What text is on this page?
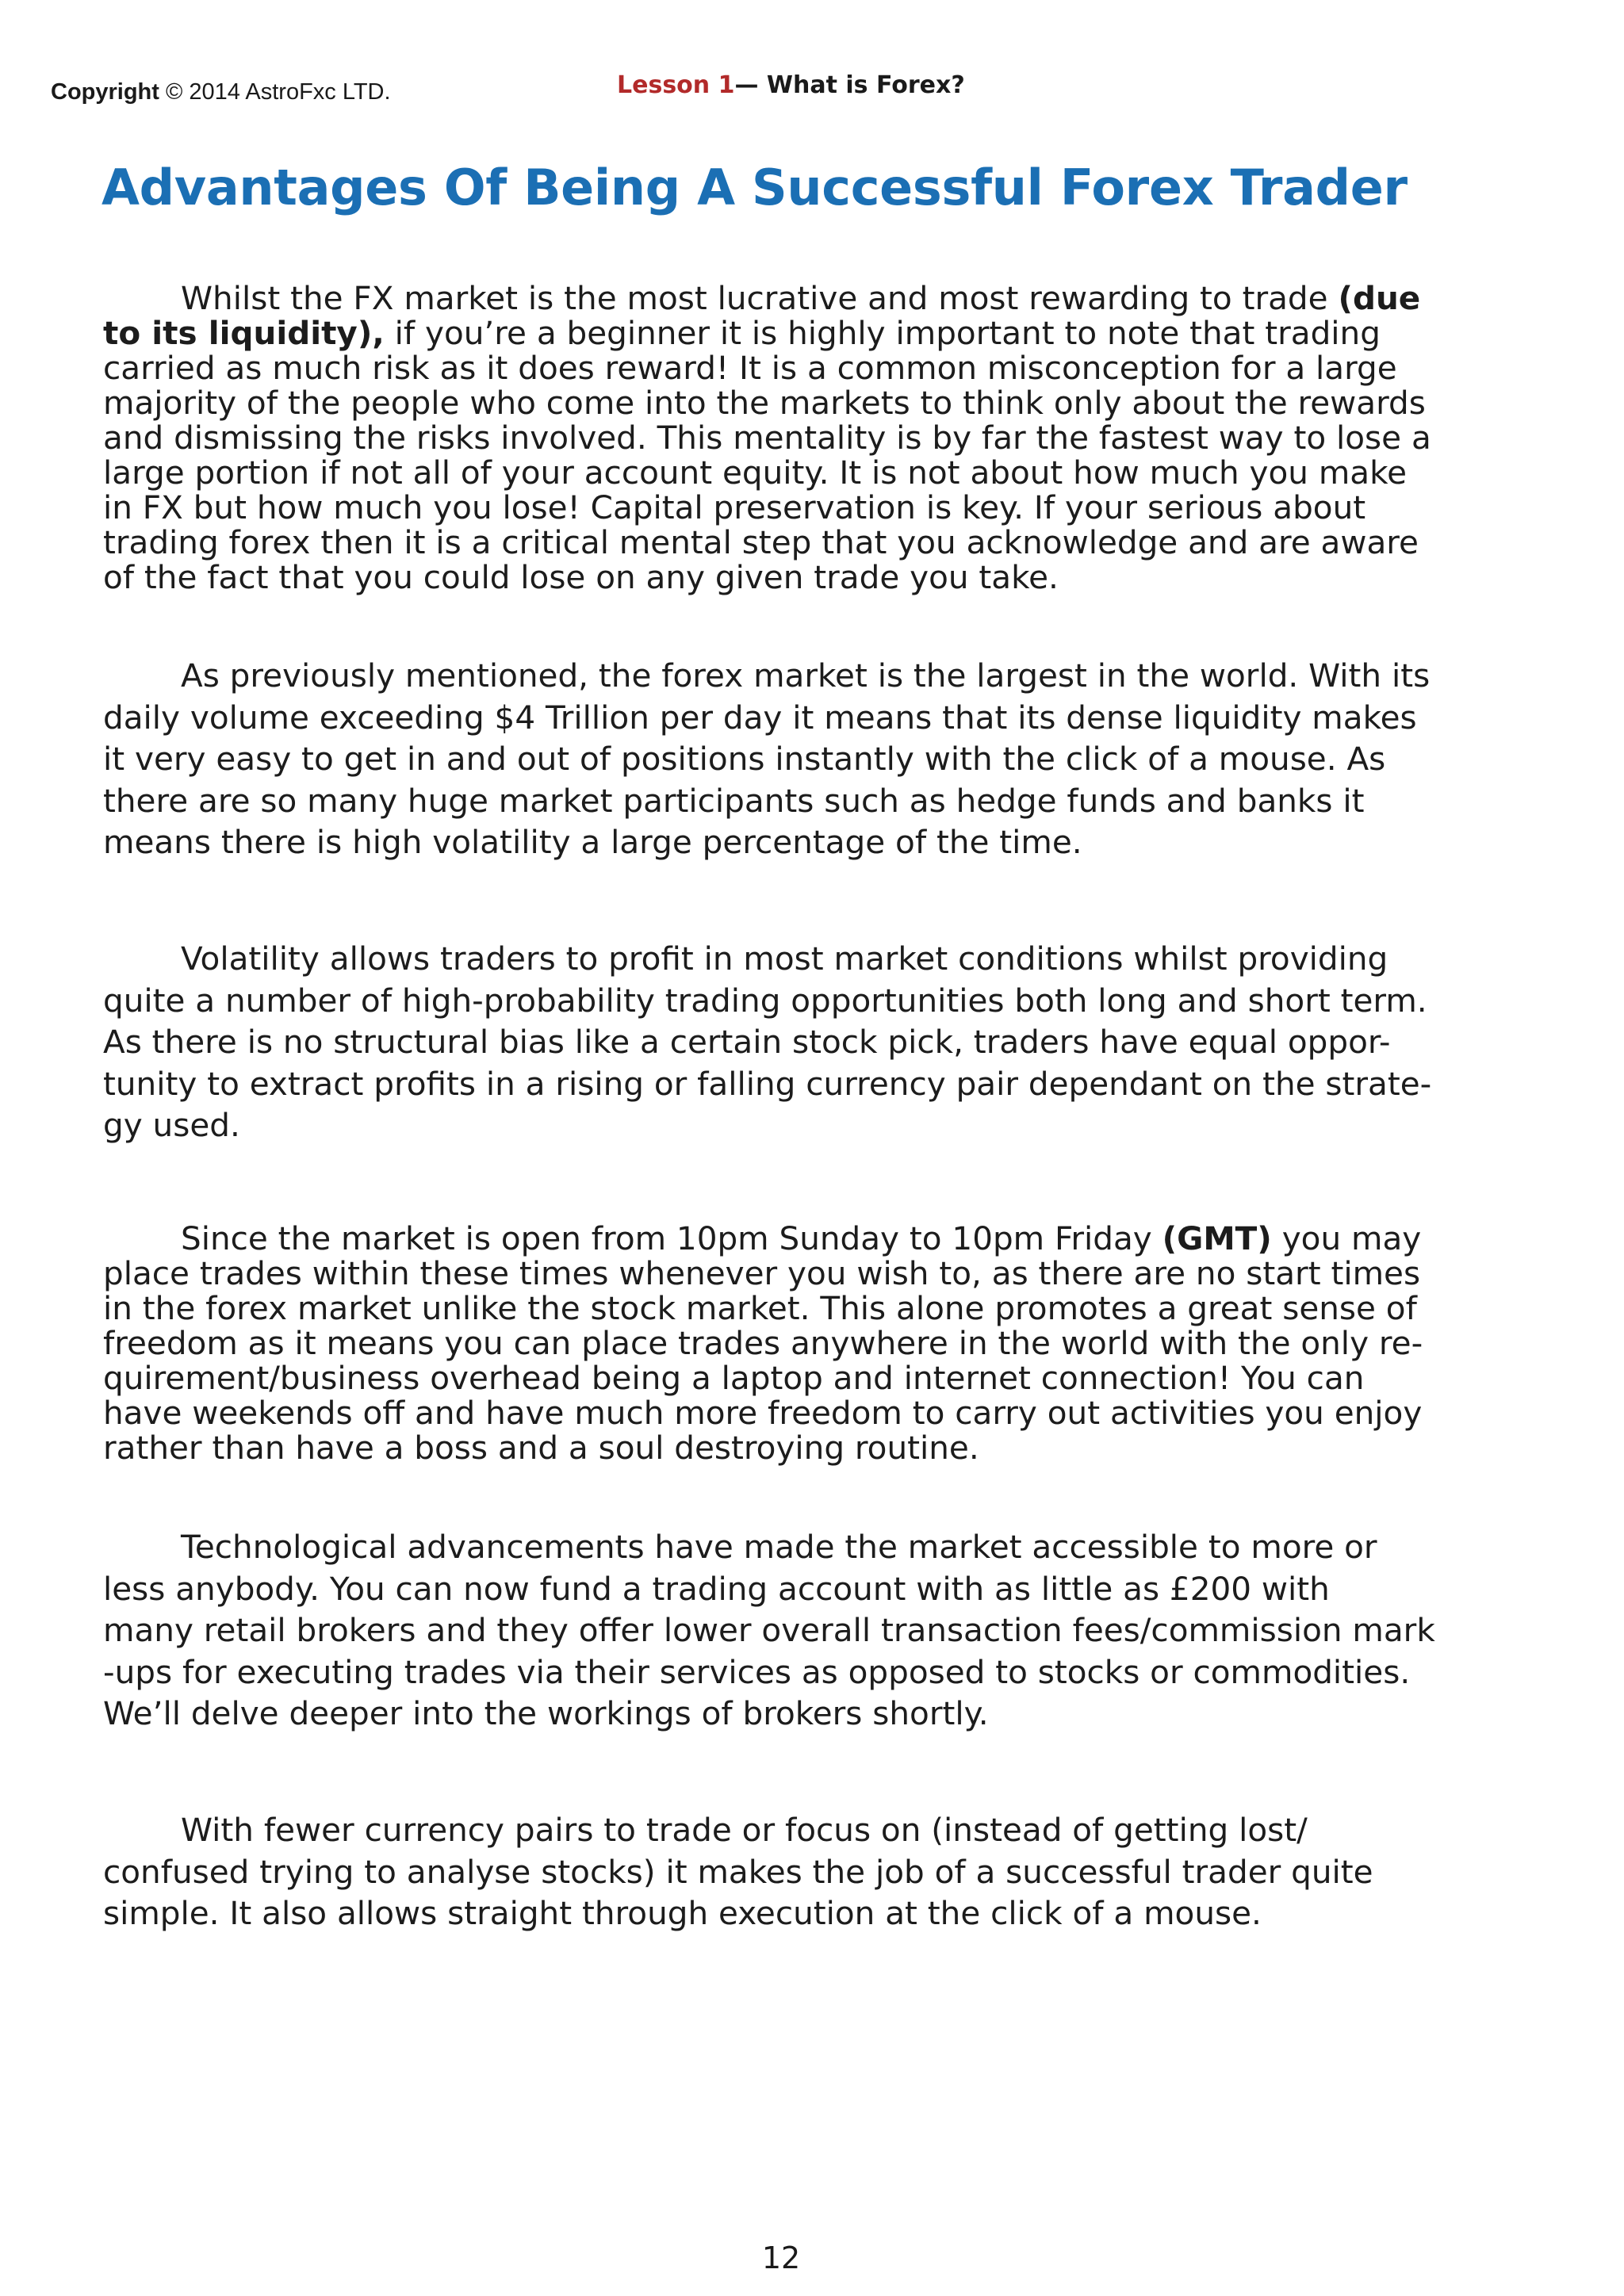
Copyright © 2014 AstroFxc LTD.	Lesson 1— What is Forex?
Advantages Of Being A Successful Forex Trader

Whilst the FX market is the most lucrative and most rewarding to trade (due
to its liquidity), if you’re a beginner it is highly important to note that trading
carried as much risk as it does reward! It is a common misconception for a large
majority of the people who come into the markets to think only about the rewards
and dismissing the risks involved. This mentality is by far the fastest way to lose a
large portion if not all of your account equity. It is not about how much you make
in FX but how much you lose! Capital preservation is key. If your serious about
trading forex then it is a critical mental step that you acknowledge and are aware
of the fact that you could lose on any given trade you take.

As previously mentioned, the forex market is the largest in the world. With its
daily volume exceeding $4 Trillion per day it means that its dense liquidity makes
it very easy to get in and out of positions instantly with the click of a mouse. As
there are so many huge market participants such as hedge funds and banks it
means there is high volatility a large percentage of the time.

Volatility allows traders to profit in most market conditions whilst providing
quite a number of high-probability trading opportunities both long and short term.
As there is no structural bias like a certain stock pick, traders have equal oppor-
tunity to extract profits in a rising or falling currency pair dependant on the strate-
gy used.

Since the market is open from 10pm Sunday to 10pm Friday (GMT) you may
place trades within these times whenever you wish to, as there are no start times
in the forex market unlike the stock market. This alone promotes a great sense of
freedom as it means you can place trades anywhere in the world with the only re-
quirement/business overhead being a laptop and internet connection! You can
have weekends off and have much more freedom to carry out activities you enjoy
rather than have a boss and a soul destroying routine.

Technological advancements have made the market accessible to more or
less anybody. You can now fund a trading account with as little as £200 with
many retail brokers and they offer lower overall transaction fees/commission mark
-ups for executing trades via their services as opposed to stocks or commodities.
We’ll delve deeper into the workings of brokers shortly.

With fewer currency pairs to trade or focus on (instead of getting lost/
confused trying to analyse stocks) it makes the job of a successful trader quite
simple. It also allows straight through execution at the click of a mouse.

12
